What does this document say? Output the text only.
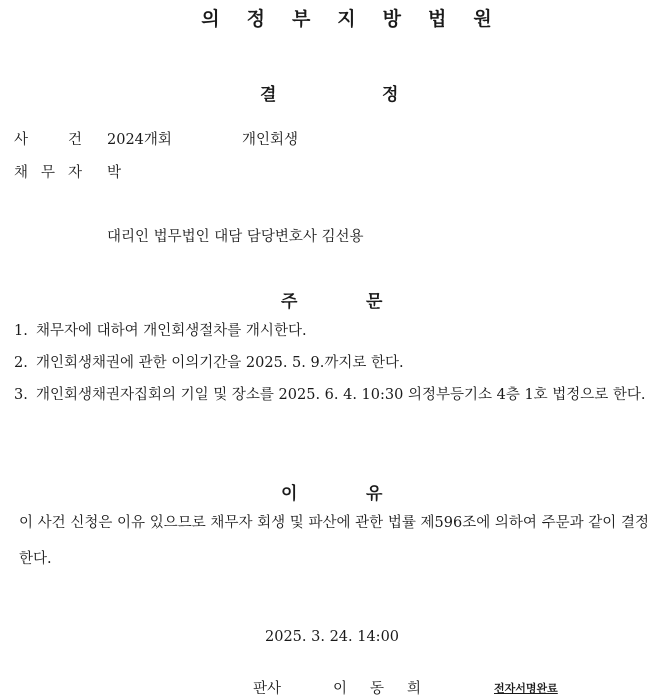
의정부지방법원
결	정
사	건 2024개회	개인회생
채 무 자 박
대리인 법무법인 대담 담당변호사 김선용
주	문
1. 채무자에 대하여 개인회생절차를 개시한다.
2. 개인회생채권에 관한 이의기간을 2025. 5. 9.까지로 한다.
3. 개인회생채권자집회의 기일 및 장소를 2025. 6. 4. 10:30 의정부등기소 4층 1호 법정으로 한다.
이	유
이 사건 신청은 이유 있으므로 채무자 회생 및 파산에 관한 법률 제596조에 의하여 주문과 같이 결정한다.
2025. 3. 24. 14:00
판사	이 동 희	전자서명완료
